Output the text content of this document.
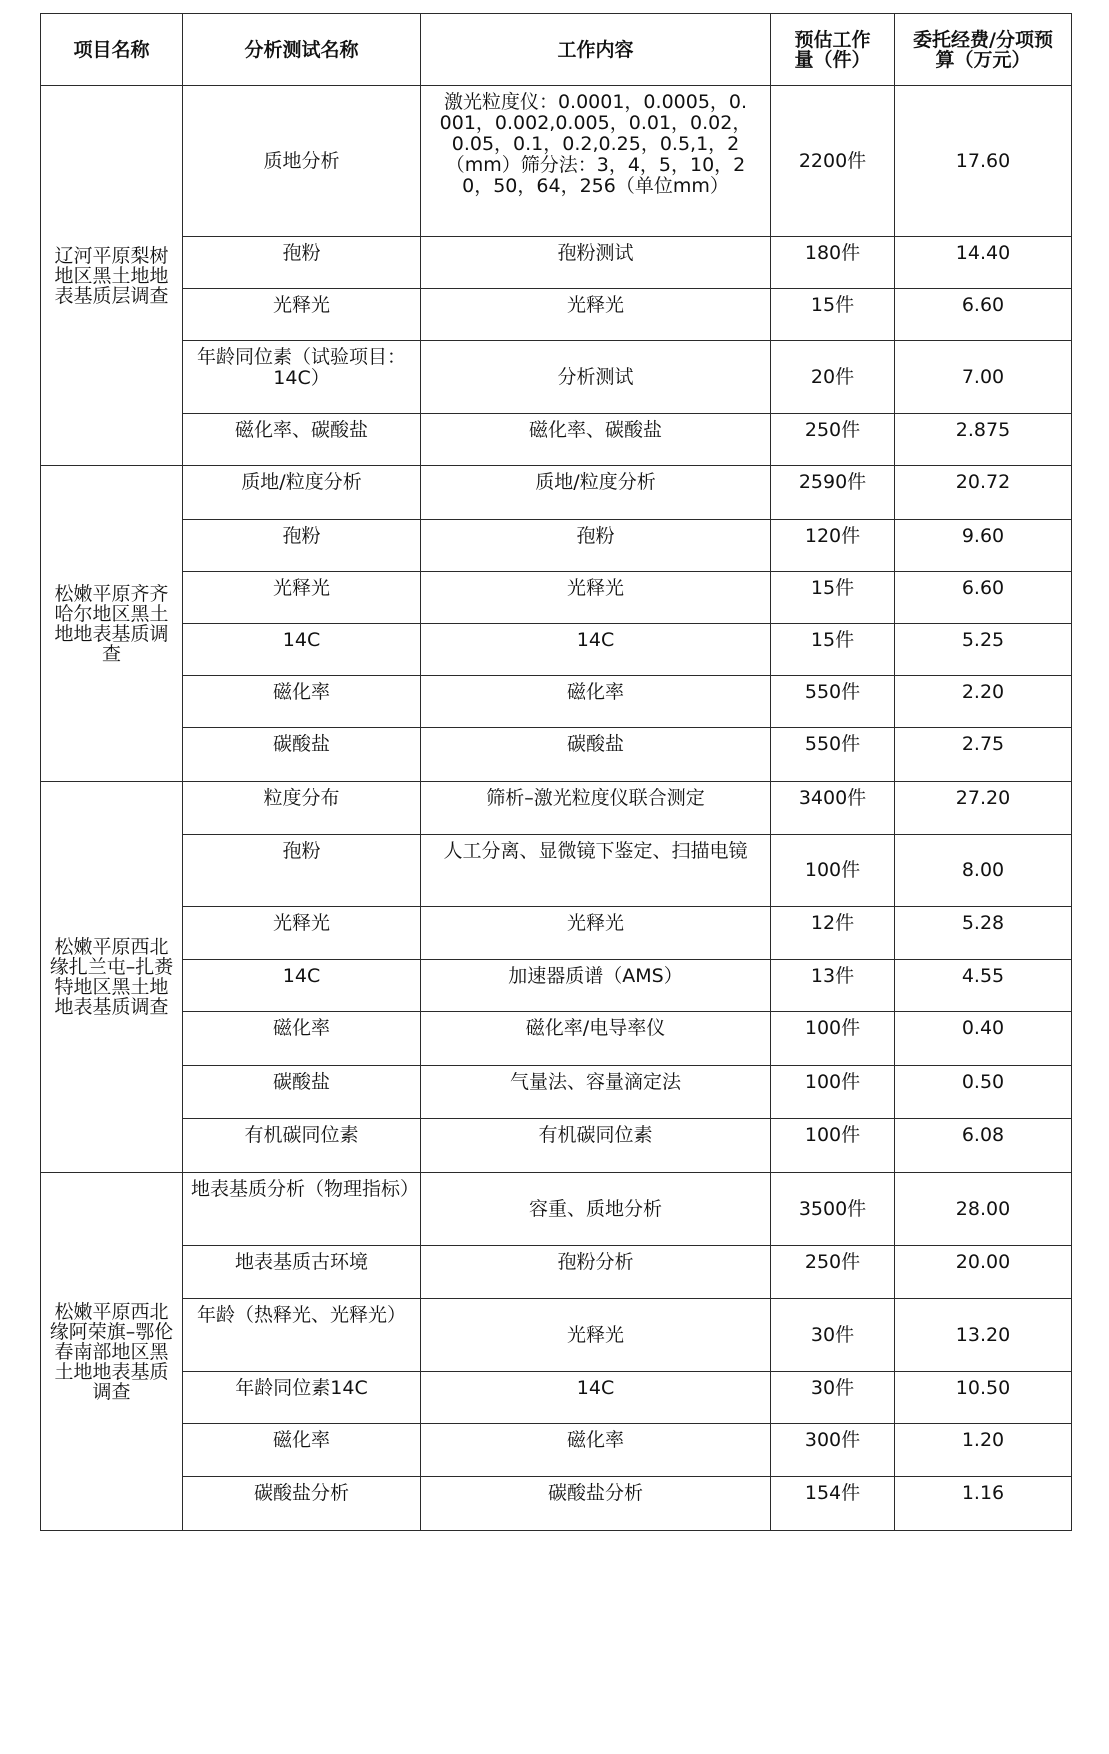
项目名称	分析测试名称	工作内容	预估工作量（件）	委托经费/分项预算（万元）
辽河平原梨树地区黑土地地表基质层调查	质地分析	激光粒度仪：0.0001，0.0005，0.001，0.002,0.005，0.01，0.02，0.05，0.1，0.2,0.25，0.5,1，2（mm）筛分法：3，4，5，10，20，50，64，256（单位mm）	2200件	17.60
	孢粉	孢粉测试	180件	14.40
	光释光	光释光	15件	6.60
	年龄同位素（试验项目：14C）	分析测试	20件	7.00
	磁化率、碳酸盐	磁化率、碳酸盐	250件	2.875
松嫩平原齐齐哈尔地区黑土地地表基质调查	质地/粒度分析	质地/粒度分析	2590件	20.72
	孢粉	孢粉	120件	9.60
	光释光	光释光	15件	6.60
	14C	14C	15件	5.25
	磁化率	磁化率	550件	2.20
	碳酸盐	碳酸盐	550件	2.75
松嫩平原西北缘扎兰屯–扎赉特地区黑土地地表基质调查	粒度分布	筛析–激光粒度仪联合测定	3400件	27.20
	孢粉	人工分离、显微镜下鉴定、扫描电镜	100件	8.00
	光释光	光释光	12件	5.28
	14C	加速器质谱（AMS）	13件	4.55
	磁化率	磁化率/电导率仪	100件	0.40
	碳酸盐	气量法、容量滴定法	100件	0.50
	有机碳同位素	有机碳同位素	100件	6.08
松嫩平原西北缘阿荣旗–鄂伦春南部地区黑土地地表基质调查	地表基质分析（物理指标）	容重、质地分析	3500件	28.00
	地表基质古环境	孢粉分析	250件	20.00
	年龄（热释光、光释光）	光释光	30件	13.20
	年龄同位素14C	14C	30件	10.50
	磁化率	磁化率	300件	1.20
	碳酸盐分析	碳酸盐分析	154件	1.16
